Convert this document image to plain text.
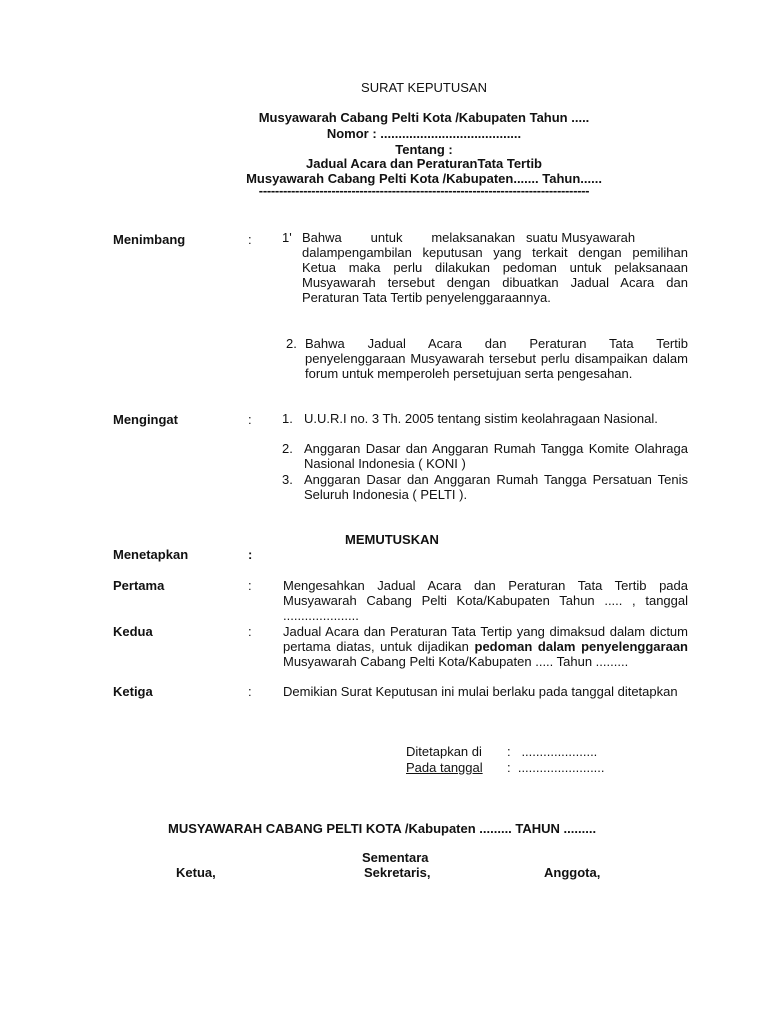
SURAT KEPUTUSAN
Musyawarah Cabang Pelti Kota /Kabupaten Tahun .....
Nomor : .......................................
Tentang :
Jadual Acara dan PeraturanTata Tertib
Musyawarah Cabang Pelti Kota /Kabupaten....... Tahun......
----------------------------------------------------------------------------------
Menimbang	: 1' Bahwa        untuk        melaksanakan   suatu Musyawarah
dalampengambilan keputusan yang terkait dengan pemilihan Ketua maka perlu dilakukan pedoman untuk pelaksanaan Musyawarah tersebut dengan dibuatkan Jadual Acara dan Peraturan Tata Tertib penyelenggaraannya.
2. Bahwa Jadual Acara dan Peraturan Tata Tertib
penyelenggaraan Musyawarah tersebut perlu disampaikan dalam forum untuk memperoleh persetujuan serta pengesahan.
Mengingat	: 1. U.U.R.I no. 3 Th. 2005 tentang sistim keolahragaan Nasional.
2. Anggaran Dasar dan Anggaran Rumah Tangga Komite Olahraga Nasional Indonesia ( KONI )
3. Anggaran Dasar dan Anggaran Rumah Tangga Persatuan Tenis Seluruh Indonesia ( PELTI ).
MEMUTUSKAN
Menetapkan	:
Pertama	: Mengesahkan Jadual Acara dan Peraturan Tata Tertib pada Musyawarah Cabang Pelti Kota/Kabupaten Tahun ..... , tanggal .....................
Kedua	: Jadual Acara dan Peraturan Tata Tertip yang dimaksud dalam dictum pertama diatas, untuk dijadikan pedoman dalam penyelenggaraan Musyawarah Cabang Pelti Kota/Kabupaten ..... Tahun .........
Ketiga	: Demikian Surat Keputusan ini mulai berlaku pada tanggal ditetapkan
Ditetapkan di :   .....................
Pada tanggal :  ........................
MUSYAWARAH CABANG PELTI KOTA /Kabupaten ......... TAHUN .........
Sementara
Ketua,	Sekretaris,	Anggota,
